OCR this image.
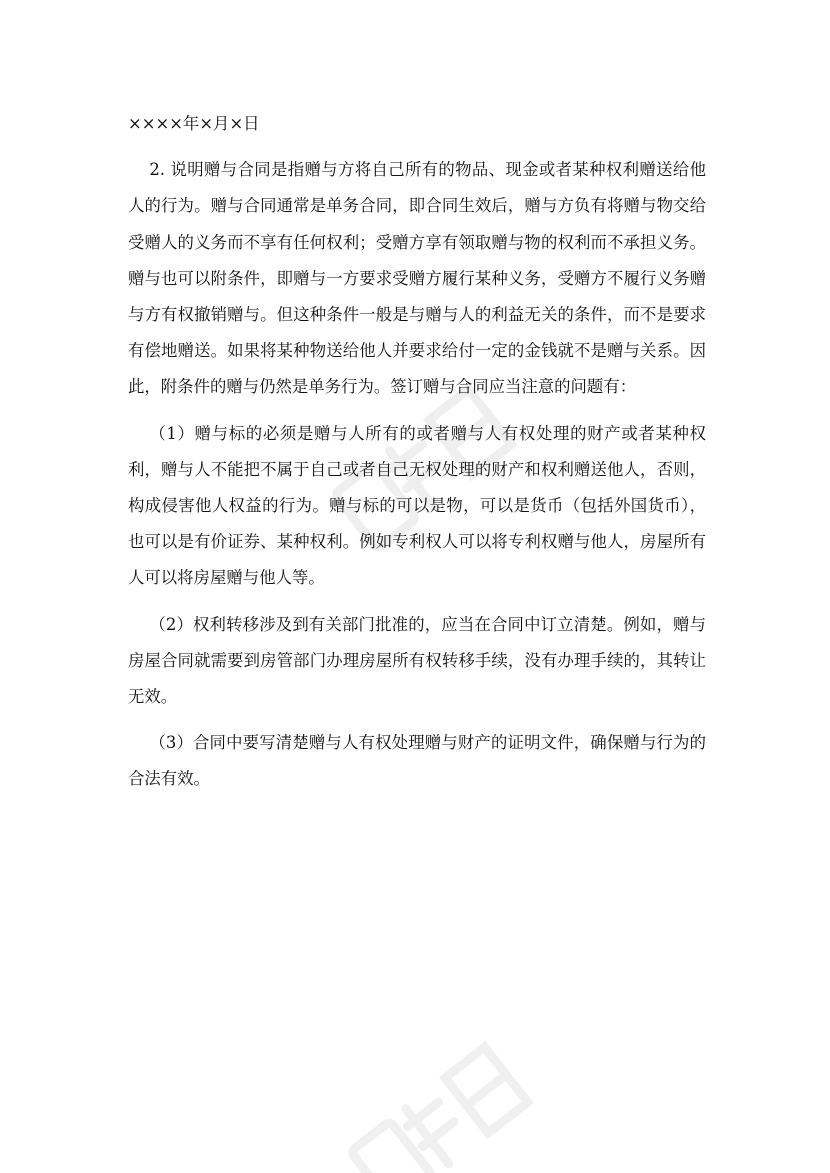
××××年×月×日

2. 说明赠与合同是指赠与方将自己所有的物品、现金或者某种权利赠送给他人的行为。赠与合同通常是单务合同，即合同生效后，赠与方负有将赠与物交给受赠人的义务而不享有任何权利；受赠方享有领取赠与物的权利而不承担义务。赠与也可以附条件，即赠与一方要求受赠方履行某种义务，受赠方不履行义务赠与方有权撤销赠与。但这种条件一般是与赠与人的利益无关的条件，而不是要求有偿地赠送。如果将某种物送给他人并要求给付一定的金钱就不是赠与关系。因此，附条件的赠与仍然是单务行为。签订赠与合同应当注意的问题有：

（1）赠与标的必须是赠与人所有的或者赠与人有权处理的财产或者某种权利，赠与人不能把不属于自己或者自己无权处理的财产和权利赠送他人，否则，构成侵害他人权益的行为。赠与标的可以是物，可以是货币（包括外国货币），也可以是有价证券、某种权利。例如专利权人可以将专利权赠与他人，房屋所有人可以将房屋赠与他人等。

（2）权利转移涉及到有关部门批准的，应当在合同中订立清楚。例如，赠与房屋合同就需要到房管部门办理房屋所有权转移手续，没有办理手续的，其转让无效。

（3）合同中要写清楚赠与人有权处理赠与财产的证明文件，确保赠与行为的合法有效。
